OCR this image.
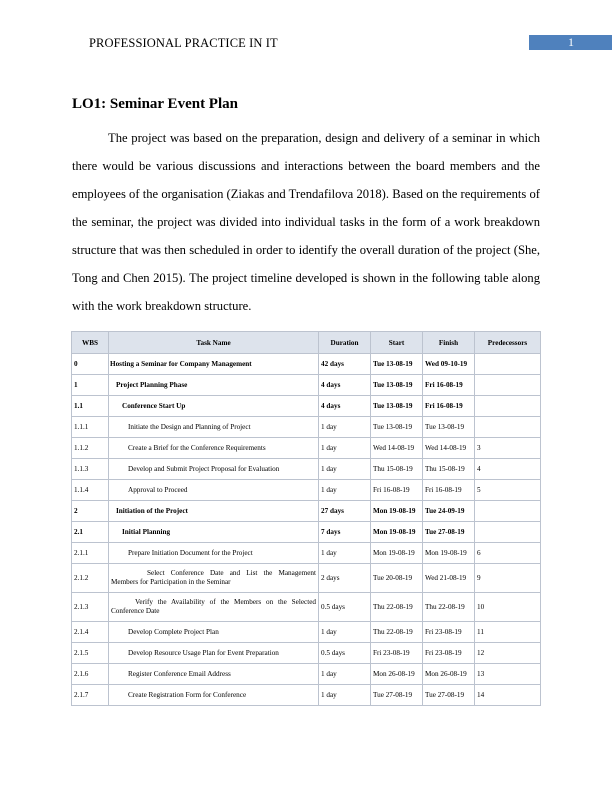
PROFESSIONAL PRACTICE IN IT	1
LO1: Seminar Event Plan

The project was based on the preparation, design and delivery of a seminar in which there would be various discussions and interactions between the board members and the employees of the organisation (Ziakas and Trendafilova 2018). Based on the requirements of the seminar, the project was divided into individual tasks in the form of a work breakdown structure that was then scheduled in order to identify the overall duration of the project (She, Tong and Chen 2015). The project timeline developed is shown in the following table along with the work breakdown structure.

WBS	Task Name	Duration	Start	Finish	Predecessors
0	Hosting a Seminar for Company Management	42 days	Tue 13-08-19	Wed 09-10-19	
1	Project Planning Phase	4 days	Tue 13-08-19	Fri 16-08-19	
1.1	Conference Start Up	4 days	Tue 13-08-19	Fri 16-08-19	
1.1.1	Initiate the Design and Planning of Project	1 day	Tue 13-08-19	Tue 13-08-19	
1.1.2	Create a Brief for the Conference Requirements	1 day	Wed 14-08-19	Wed 14-08-19	3
1.1.3	Develop and Submit Project Proposal for Evaluation	1 day	Thu 15-08-19	Thu 15-08-19	4
1.1.4	Approval to Proceed	1 day	Fri 16-08-19	Fri 16-08-19	5
2	Initiation of the Project	27 days	Mon 19-08-19	Tue 24-09-19	
2.1	Initial Planning	7 days	Mon 19-08-19	Tue 27-08-19	
2.1.1	Prepare Initiation Document for the Project	1 day	Mon 19-08-19	Mon 19-08-19	6
2.1.2	Select Conference Date and List the Management Members for Participation in the Seminar	2 days	Tue 20-08-19	Wed 21-08-19	9
2.1.3	Verify the Availability of the Members on the Selected Conference Date	0.5 days	Thu 22-08-19	Thu 22-08-19	10
2.1.4	Develop Complete Project Plan	1 day	Thu 22-08-19	Fri 23-08-19	11
2.1.5	Develop Resource Usage Plan for Event Preparation	0.5 days	Fri 23-08-19	Fri 23-08-19	12
2.1.6	Register Conference Email Address	1 day	Mon 26-08-19	Mon 26-08-19	13
2.1.7	Create Registration Form for Conference	1 day	Tue 27-08-19	Tue 27-08-19	14
